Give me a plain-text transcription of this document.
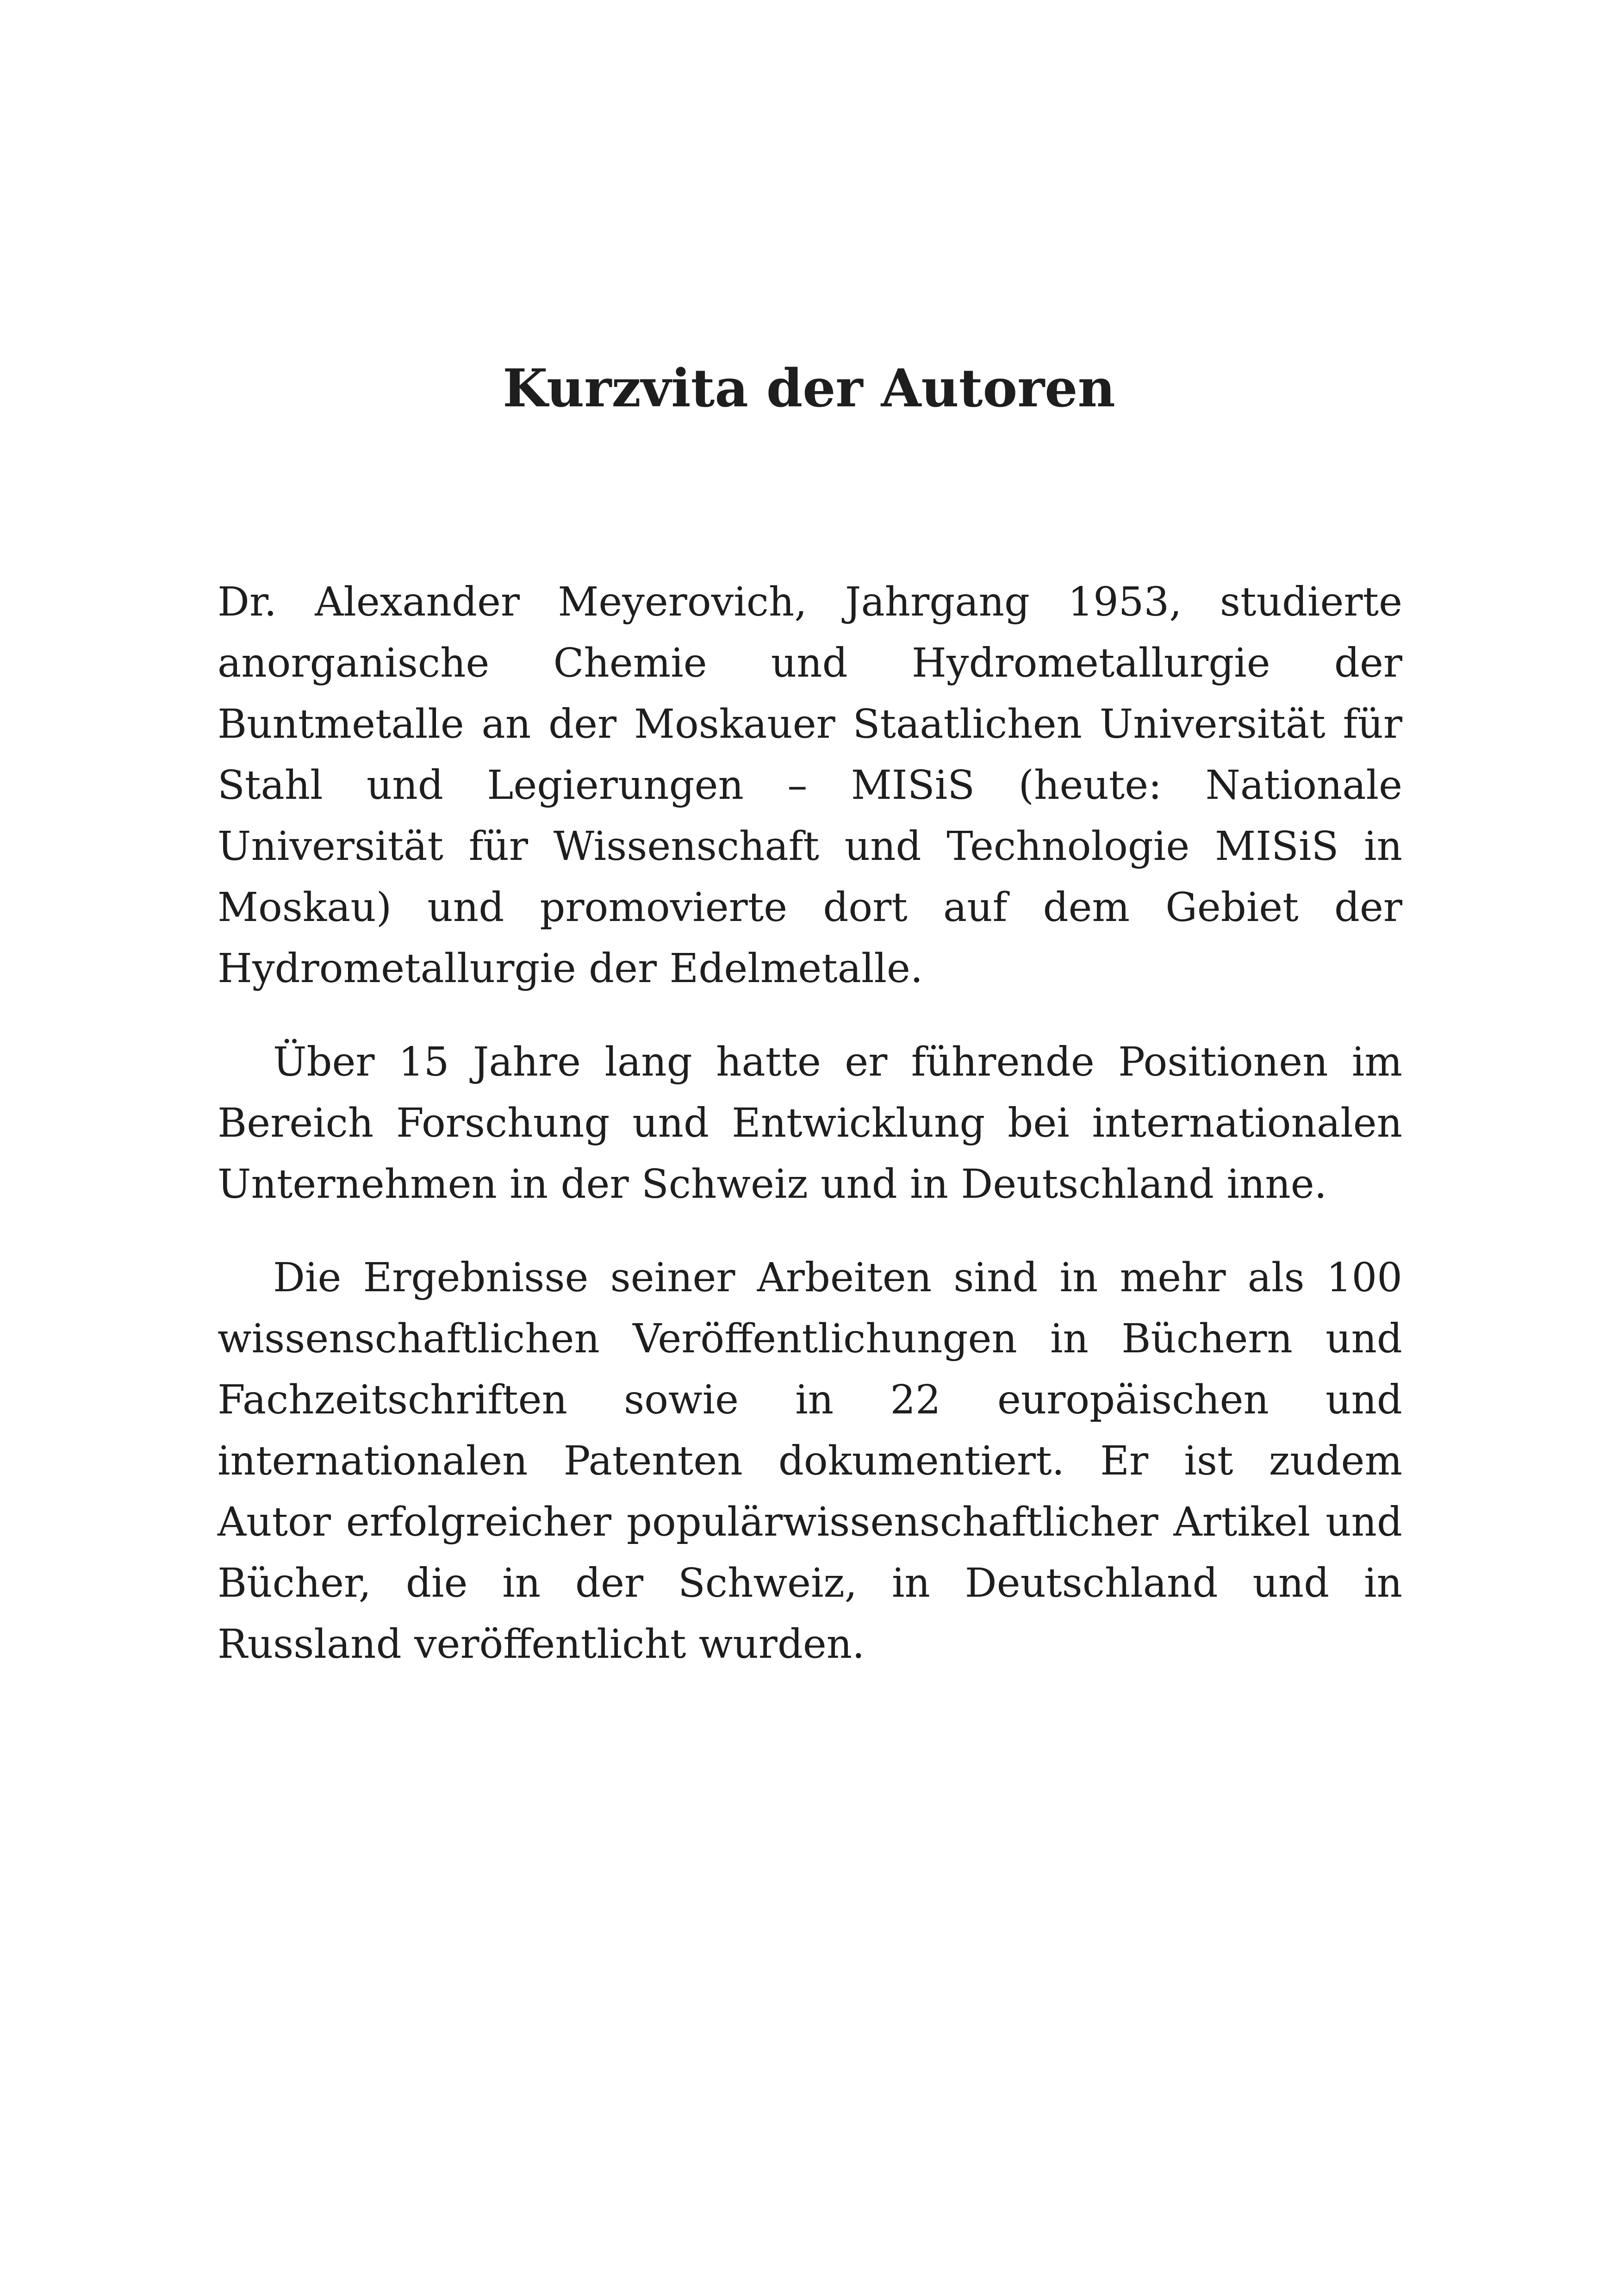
Kurzvita der Autoren

Dr. Alexander Meyerovich, Jahrgang 1953, studierte anorganische Chemie und Hydrometallurgie der Buntmetalle an der Moskauer Staatlichen Universität für Stahl und Legierungen – MISiS (heute: Nationale Universität für Wissenschaft und Technologie MISiS in Moskau) und promovierte dort auf dem Gebiet der Hydrometallurgie der Edelmetalle.

Über 15 Jahre lang hatte er führende Positionen im Bereich Forschung und Entwicklung bei internationalen Unternehmen in der Schweiz und in Deutschland inne.

Die Ergebnisse seiner Arbeiten sind in mehr als 100 wissenschaftlichen Veröffentlichungen in Büchern und Fachzeitschriften sowie in 22 europäischen und internationalen Patenten dokumentiert. Er ist zudem Autor erfolgreicher populärwissenschaftlicher Artikel und Bücher, die in der Schweiz, in Deutschland und in Russland veröffentlicht wurden.
